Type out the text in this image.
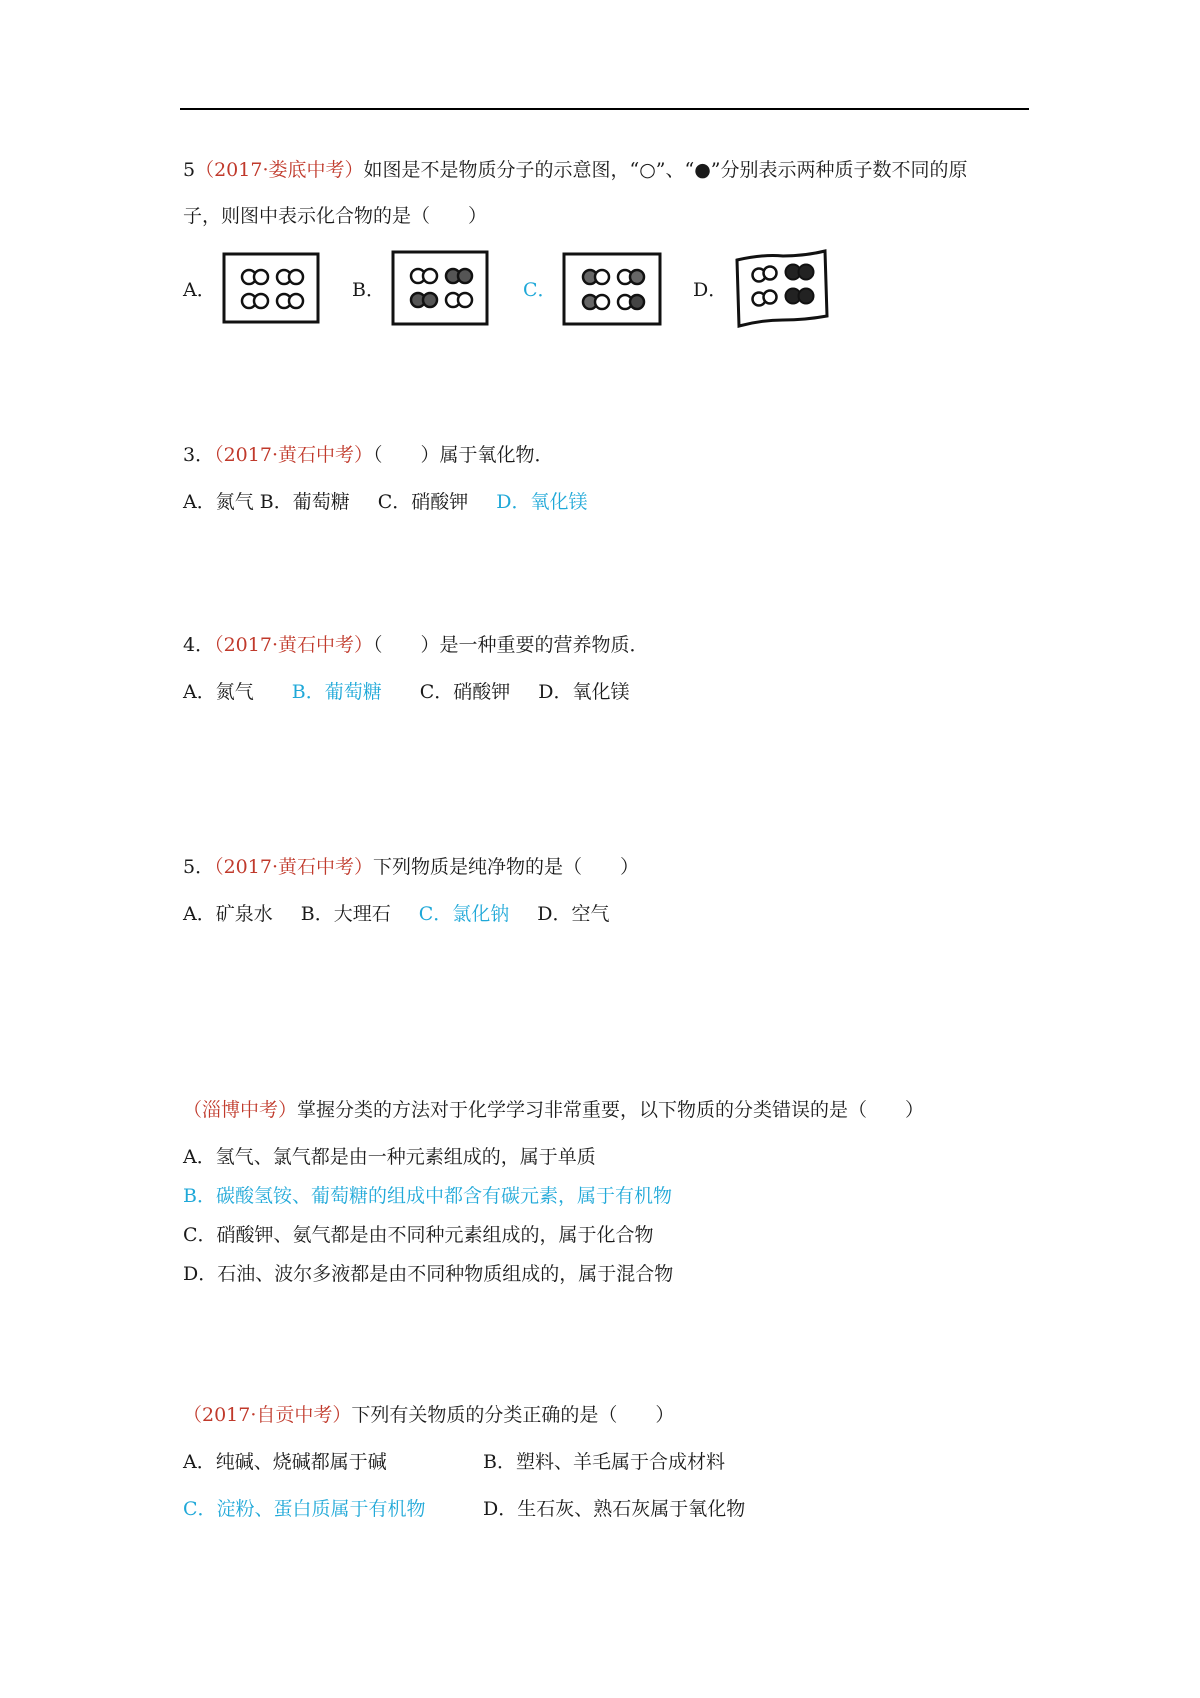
5（2017·娄底中考）如图是不是物质分子的示意图，“○”、“●”分别表示两种质子数不同的原
子，则图中表示化合物的是（　　）
A．	B．	C．	D．
3．（2017·黄石中考）（　　）属于氧化物．
A．氮气 B．葡萄糖 C．硝酸钾 D．氧化镁
4．（2017·黄石中考）（　　）是一种重要的营养物质．
A．氮气 B．葡萄糖 C．硝酸钾 D．氧化镁
5．（2017·黄石中考）下列物质是纯净物的是（　　）
A．矿泉水 B．大理石 C．氯化钠 D．空气
（淄博中考）掌握分类的方法对于化学学习非常重要，以下物质的分类错误的是（　　）
A．氢气、氯气都是由一种元素组成的，属于单质
B．碳酸氢铵、葡萄糖的组成中都含有碳元素，属于有机物
C．硝酸钾、氨气都是由不同种元素组成的，属于化合物
D．石油、波尔多液都是由不同种物质组成的，属于混合物
（2017·自贡中考）下列有关物质的分类正确的是（　　）
A．纯碱、烧碱都属于碱	B．塑料、羊毛属于合成材料
C．淀粉、蛋白质属于有机物	D．生石灰、熟石灰属于氧化物
